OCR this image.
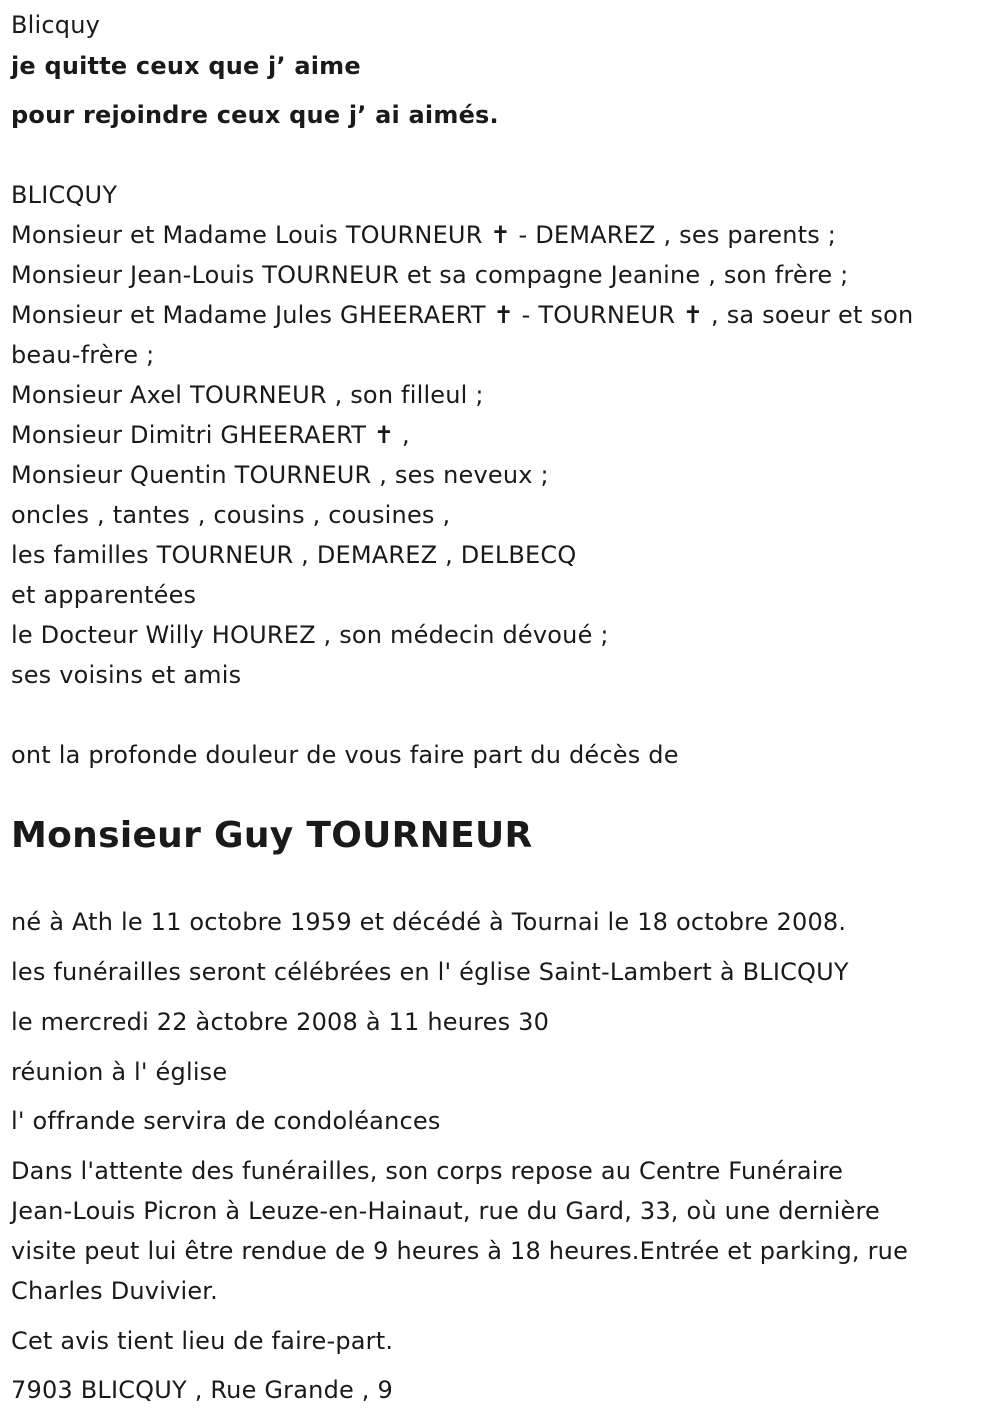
Blicquy
je quitte ceux que j’ aime
pour rejoindre ceux que j’ ai aimés.
BLICQUY
Monsieur et Madame Louis TOURNEUR ✝ - DEMAREZ , ses parents ;
Monsieur Jean-Louis TOURNEUR et sa compagne Jeanine , son frère ;
Monsieur et Madame Jules GHEERAERT ✝ - TOURNEUR ✝ , sa soeur et son
beau-frère ;
Monsieur Axel TOURNEUR , son filleul ;
Monsieur Dimitri GHEERAERT ✝ ,
Monsieur Quentin TOURNEUR , ses neveux ;
oncles , tantes , cousins , cousines ,
les familles TOURNEUR , DEMAREZ , DELBECQ
et apparentées
le Docteur Willy HOUREZ , son médecin dévoué ;
ses voisins et amis
ont la profonde douleur de vous faire part du décès de
Monsieur Guy TOURNEUR
né à Ath le 11 octobre 1959 et décédé à Tournai le 18 octobre 2008.
les funérailles seront célébrées en l' église Saint-Lambert à BLICQUY
le mercredi 22 àctobre 2008 à 11 heures 30
réunion à l' église
l' offrande servira de condoléances
Dans l'attente des funérailles, son corps repose au Centre Funéraire
Jean-Louis Picron à Leuze-en-Hainaut, rue du Gard, 33, où une dernière
visite peut lui être rendue de 9 heures à 18 heures.Entrée et parking, rue
Charles Duvivier.
Cet avis tient lieu de faire-part.
7903 BLICQUY , Rue Grande , 9
